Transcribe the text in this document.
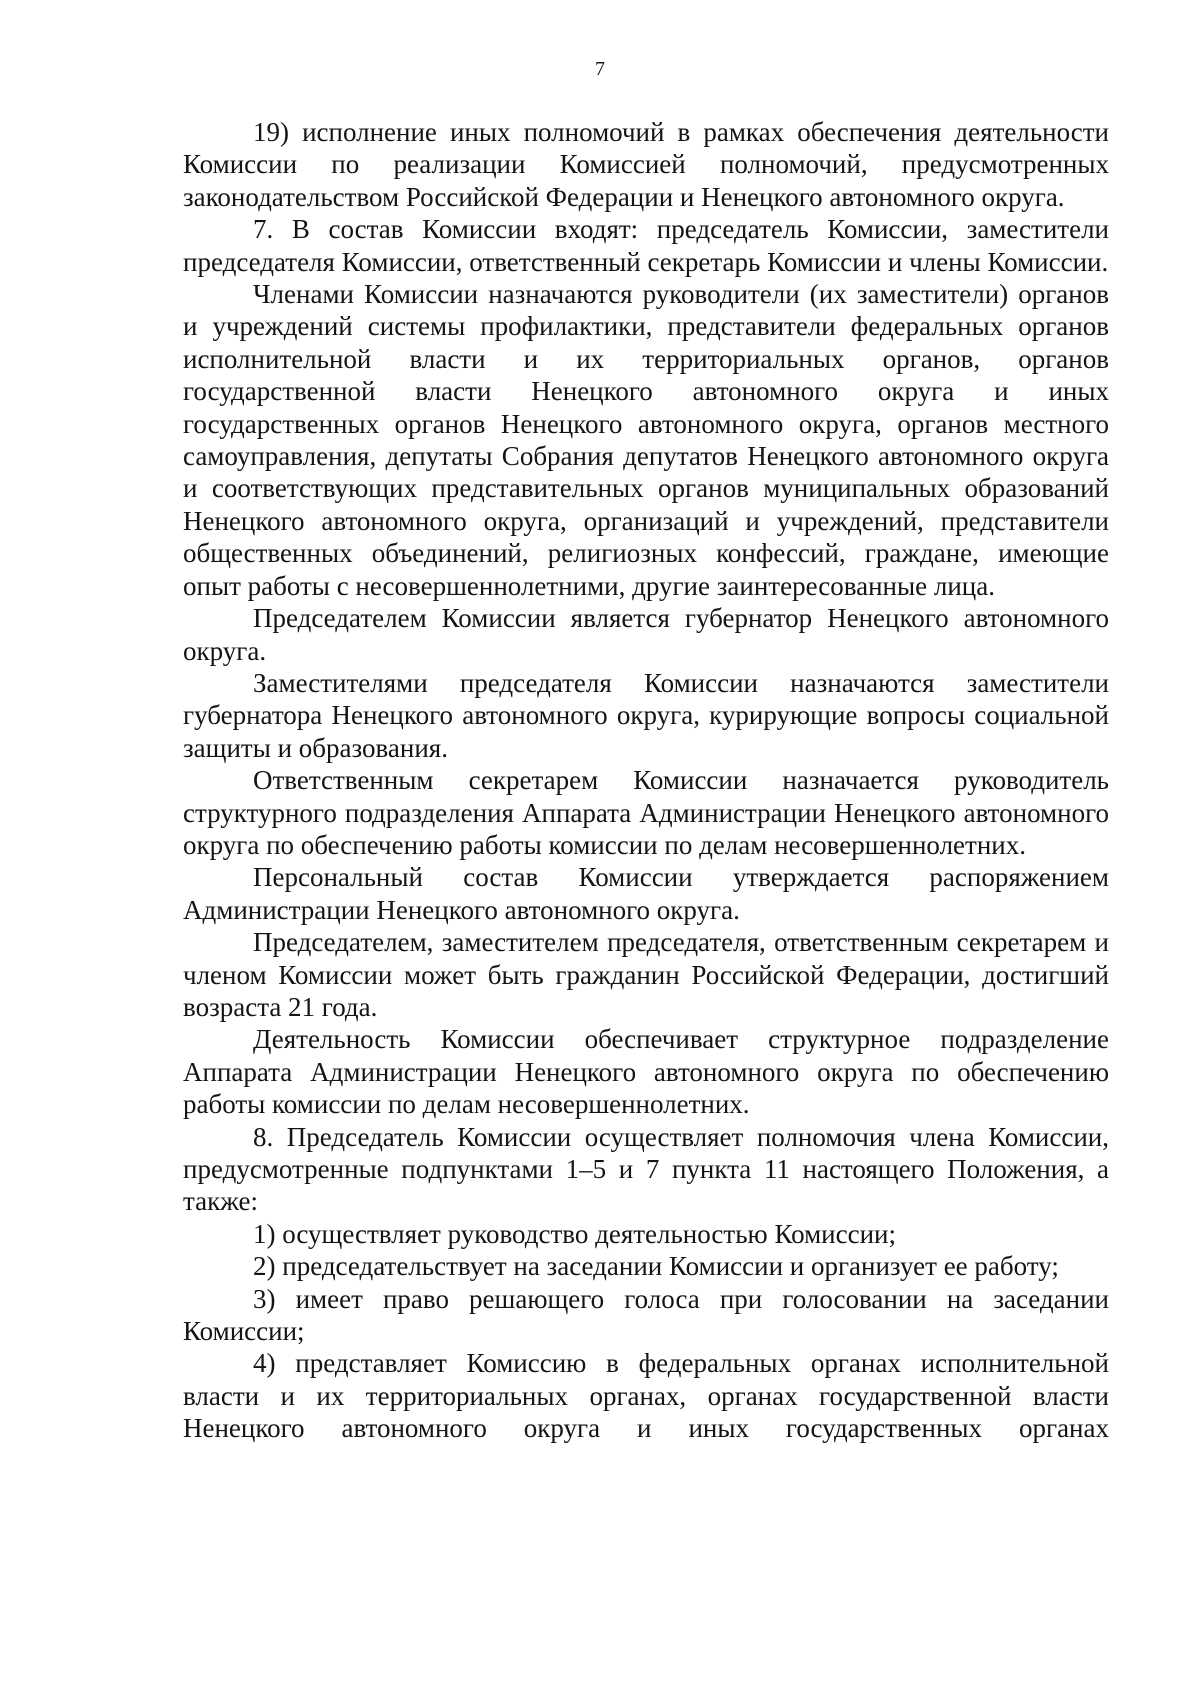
7

19) исполнение иных полномочий в рамках обеспечения деятельности Комиссии по реализации Комиссией полномочий, предусмотренных законодательством Российской Федерации и Ненецкого автономного округа.

7. В состав Комиссии входят: председатель Комиссии, заместители председателя Комиссии, ответственный секретарь Комиссии и члены Комиссии.

Членами Комиссии назначаются руководители (их заместители) органов и учреждений системы профилактики, представители федеральных органов исполнительной власти и их территориальных органов, органов государственной власти Ненецкого автономного округа и иных государственных органов Ненецкого автономного округа, органов местного самоуправления, депутаты Собрания депутатов Ненецкого автономного округа и соответствующих представительных органов муниципальных образований Ненецкого автономного округа, организаций и учреждений, представители общественных объединений, религиозных конфессий, граждане, имеющие опыт работы с несовершеннолетними, другие заинтересованные лица.

Председателем Комиссии является губернатор Ненецкого автономного округа.

Заместителями председателя Комиссии назначаются заместители губернатора Ненецкого автономного округа, курирующие вопросы социальной защиты и образования.

Ответственным секретарем Комиссии назначается руководитель структурного подразделения Аппарата Администрации Ненецкого автономного округа по обеспечению работы комиссии по делам несовершеннолетних.

Персональный состав Комиссии утверждается распоряжением Администрации Ненецкого автономного округа.

Председателем, заместителем председателя, ответственным секретарем и членом Комиссии может быть гражданин Российской Федерации, достигший возраста 21 года.

Деятельность Комиссии обеспечивает структурное подразделение Аппарата Администрации Ненецкого автономного округа по обеспечению работы комиссии по делам несовершеннолетних.

8. Председатель Комиссии осуществляет полномочия члена Комиссии, предусмотренные подпунктами 1–5 и 7 пункта 11 настоящего Положения, а также:

1) осуществляет руководство деятельностью Комиссии;

2) председательствует на заседании Комиссии и организует ее работу;

3) имеет право решающего голоса при голосовании на заседании Комиссии;

4) представляет Комиссию в федеральных органах исполнительной власти и их территориальных органах, органах государственной власти Ненецкого автономного округа и иных государственных органах
